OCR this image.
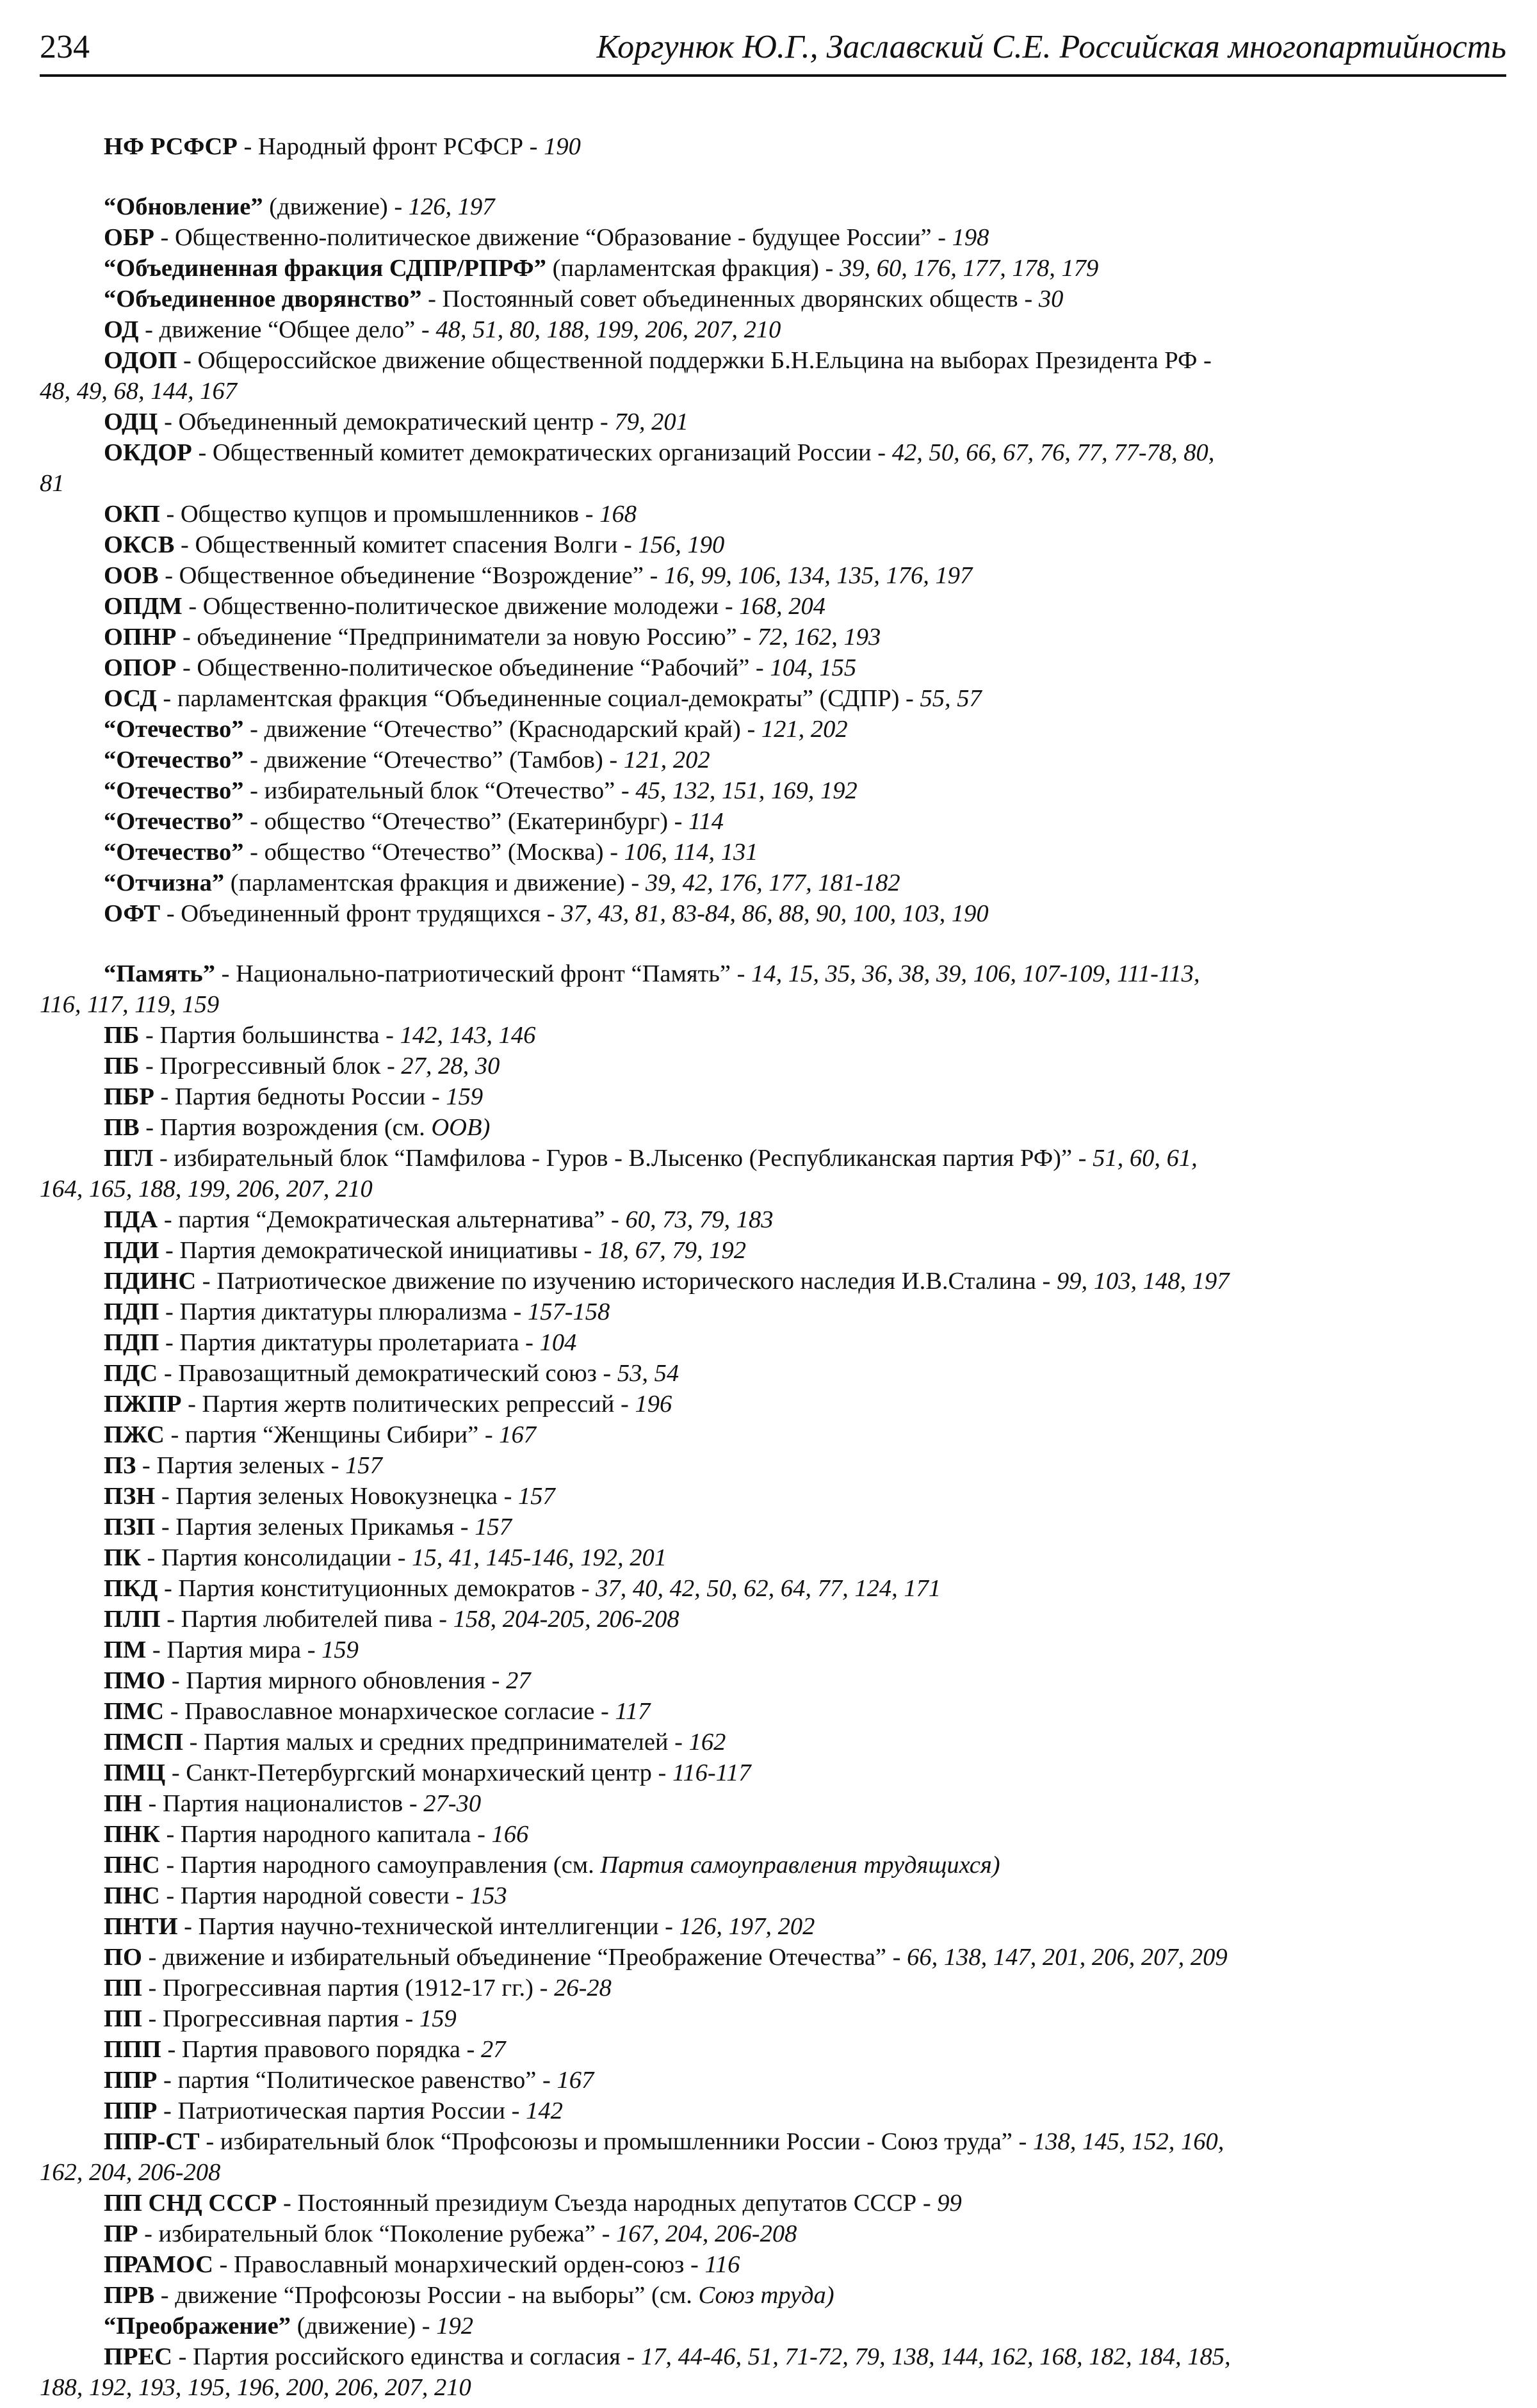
234	Коргунюк Ю.Г., Заславский С.Е. Российская многопартийность

НФ РСФСР - Народный фронт РСФСР - 190

“Обновление” (движение) - 126, 197

ОБР - Общественно-политическое движение “Образование - будущее России” - 198

“Объединенная фракция СДПР/РПРФ” (парламентская фракция) - 39, 60, 176, 177, 178, 179

“Объединенное дворянство” - Постоянный совет объединенных дворянских обществ - 30

ОД - движение “Общее дело” - 48, 51, 80, 188, 199, 206, 207, 210

ОДОП - Общероссийское движение общественной поддержки Б.Н.Ельцина на выборах Президента РФ -
48, 49, 68, 144, 167

ОДЦ - Объединенный демократический центр - 79, 201

ОКДОР - Общественный комитет демократических организаций России - 42, 50, 66, 67, 76, 77, 77-78, 80,
81

ОКП - Общество купцов и промышленников - 168

ОКСВ - Общественный комитет спасения Волги - 156, 190

ООВ - Общественное объединение “Возрождение” - 16, 99, 106, 134, 135, 176, 197

ОПДМ - Общественно-политическое движение молодежи - 168, 204

ОПНР - объединение “Предприниматели за новую Россию” - 72, 162, 193

ОПОР - Общественно-политическое объединение “Рабочий” - 104, 155

ОСД - парламентская фракция “Объединенные социал-демократы” (СДПР) - 55, 57

“Отечество” - движение “Отечество” (Краснодарский край) - 121, 202

“Отечество” - движение “Отечество” (Тамбов) - 121, 202

“Отечество” - избирательный блок “Отечество” - 45, 132, 151, 169, 192

“Отечество” - общество “Отечество” (Екатеринбург) - 114

“Отечество” - общество “Отечество” (Москва) - 106, 114, 131

“Отчизна” (парламентская фракция и движение) - 39, 42, 176, 177, 181-182

ОФТ - Объединенный фронт трудящихся - 37, 43, 81, 83-84, 86, 88, 90, 100, 103, 190

“Память” - Национально-патриотический фронт “Память” - 14, 15, 35, 36, 38, 39, 106, 107-109, 111-113,
116, 117, 119, 159

ПБ - Партия большинства - 142, 143, 146

ПБ - Прогрессивный блок - 27, 28, 30

ПБР - Партия бедноты России - 159

ПВ - Партия возрождения (см. ООВ)

ПГЛ - избирательный блок “Памфилова - Гуров - В.Лысенко (Республиканская партия РФ)” - 51, 60, 61,
164, 165, 188, 199, 206, 207, 210

ПДА - партия “Демократическая альтернатива” - 60, 73, 79, 183

ПДИ - Партия демократической инициативы - 18, 67, 79, 192

ПДИНС - Патриотическое движение по изучению исторического наследия И.В.Сталина - 99, 103, 148, 197

ПДП - Партия диктатуры плюрализма - 157-158

ПДП - Партия диктатуры пролетариата - 104

ПДС - Правозащитный демократический союз - 53, 54

ПЖПР - Партия жертв политических репрессий - 196

ПЖС - партия “Женщины Сибири” - 167

ПЗ - Партия зеленых - 157

ПЗН - Партия зеленых Новокузнецка - 157

ПЗП - Партия зеленых Прикамья - 157

ПК - Партия консолидации - 15, 41, 145-146, 192, 201

ПКД - Партия конституционных демократов - 37, 40, 42, 50, 62, 64, 77, 124, 171

ПЛП - Партия любителей пива - 158, 204-205, 206-208

ПМ - Партия мира - 159

ПМО - Партия мирного обновления - 27

ПМС - Православное монархическое согласие - 117

ПМСП - Партия малых и средних предпринимателей - 162

ПМЦ - Санкт-Петербургский монархический центр - 116-117

ПН - Партия националистов - 27-30

ПНК - Партия народного капитала - 166

ПНС - Партия народного самоуправления (см. Партия самоуправления трудящихся)

ПНС - Партия народной совести - 153

ПНТИ - Партия научно-технической интеллигенции - 126, 197, 202

ПО - движение и избирательный объединение “Преображение Отечества” - 66, 138, 147, 201, 206, 207, 209

ПП - Прогрессивная партия (1912-17 гг.) - 26-28

ПП - Прогрессивная партия - 159

ППП - Партия правового порядка - 27

ППР - партия “Политическое равенство” - 167

ППР - Патриотическая партия России - 142

ППР-СТ - избирательный блок “Профсоюзы и промышленники России - Союз труда” - 138, 145, 152, 160,
162, 204, 206-208

ПП СНД СССР - Постоянный президиум Съезда народных депутатов СССР - 99

ПР - избирательный блок “Поколение рубежа” - 167, 204, 206-208

ПРАМОС - Православный монархический орден-союз - 116

ПРВ - движение “Профсоюзы России - на выборы” (см. Союз труда)

“Преображение” (движение) - 192

ПРЕС - Партия российского единства и согласия - 17, 44-46, 51, 71-72, 79, 138, 144, 162, 168, 182, 184, 185,
188, 192, 193, 195, 196, 200, 206, 207, 210
